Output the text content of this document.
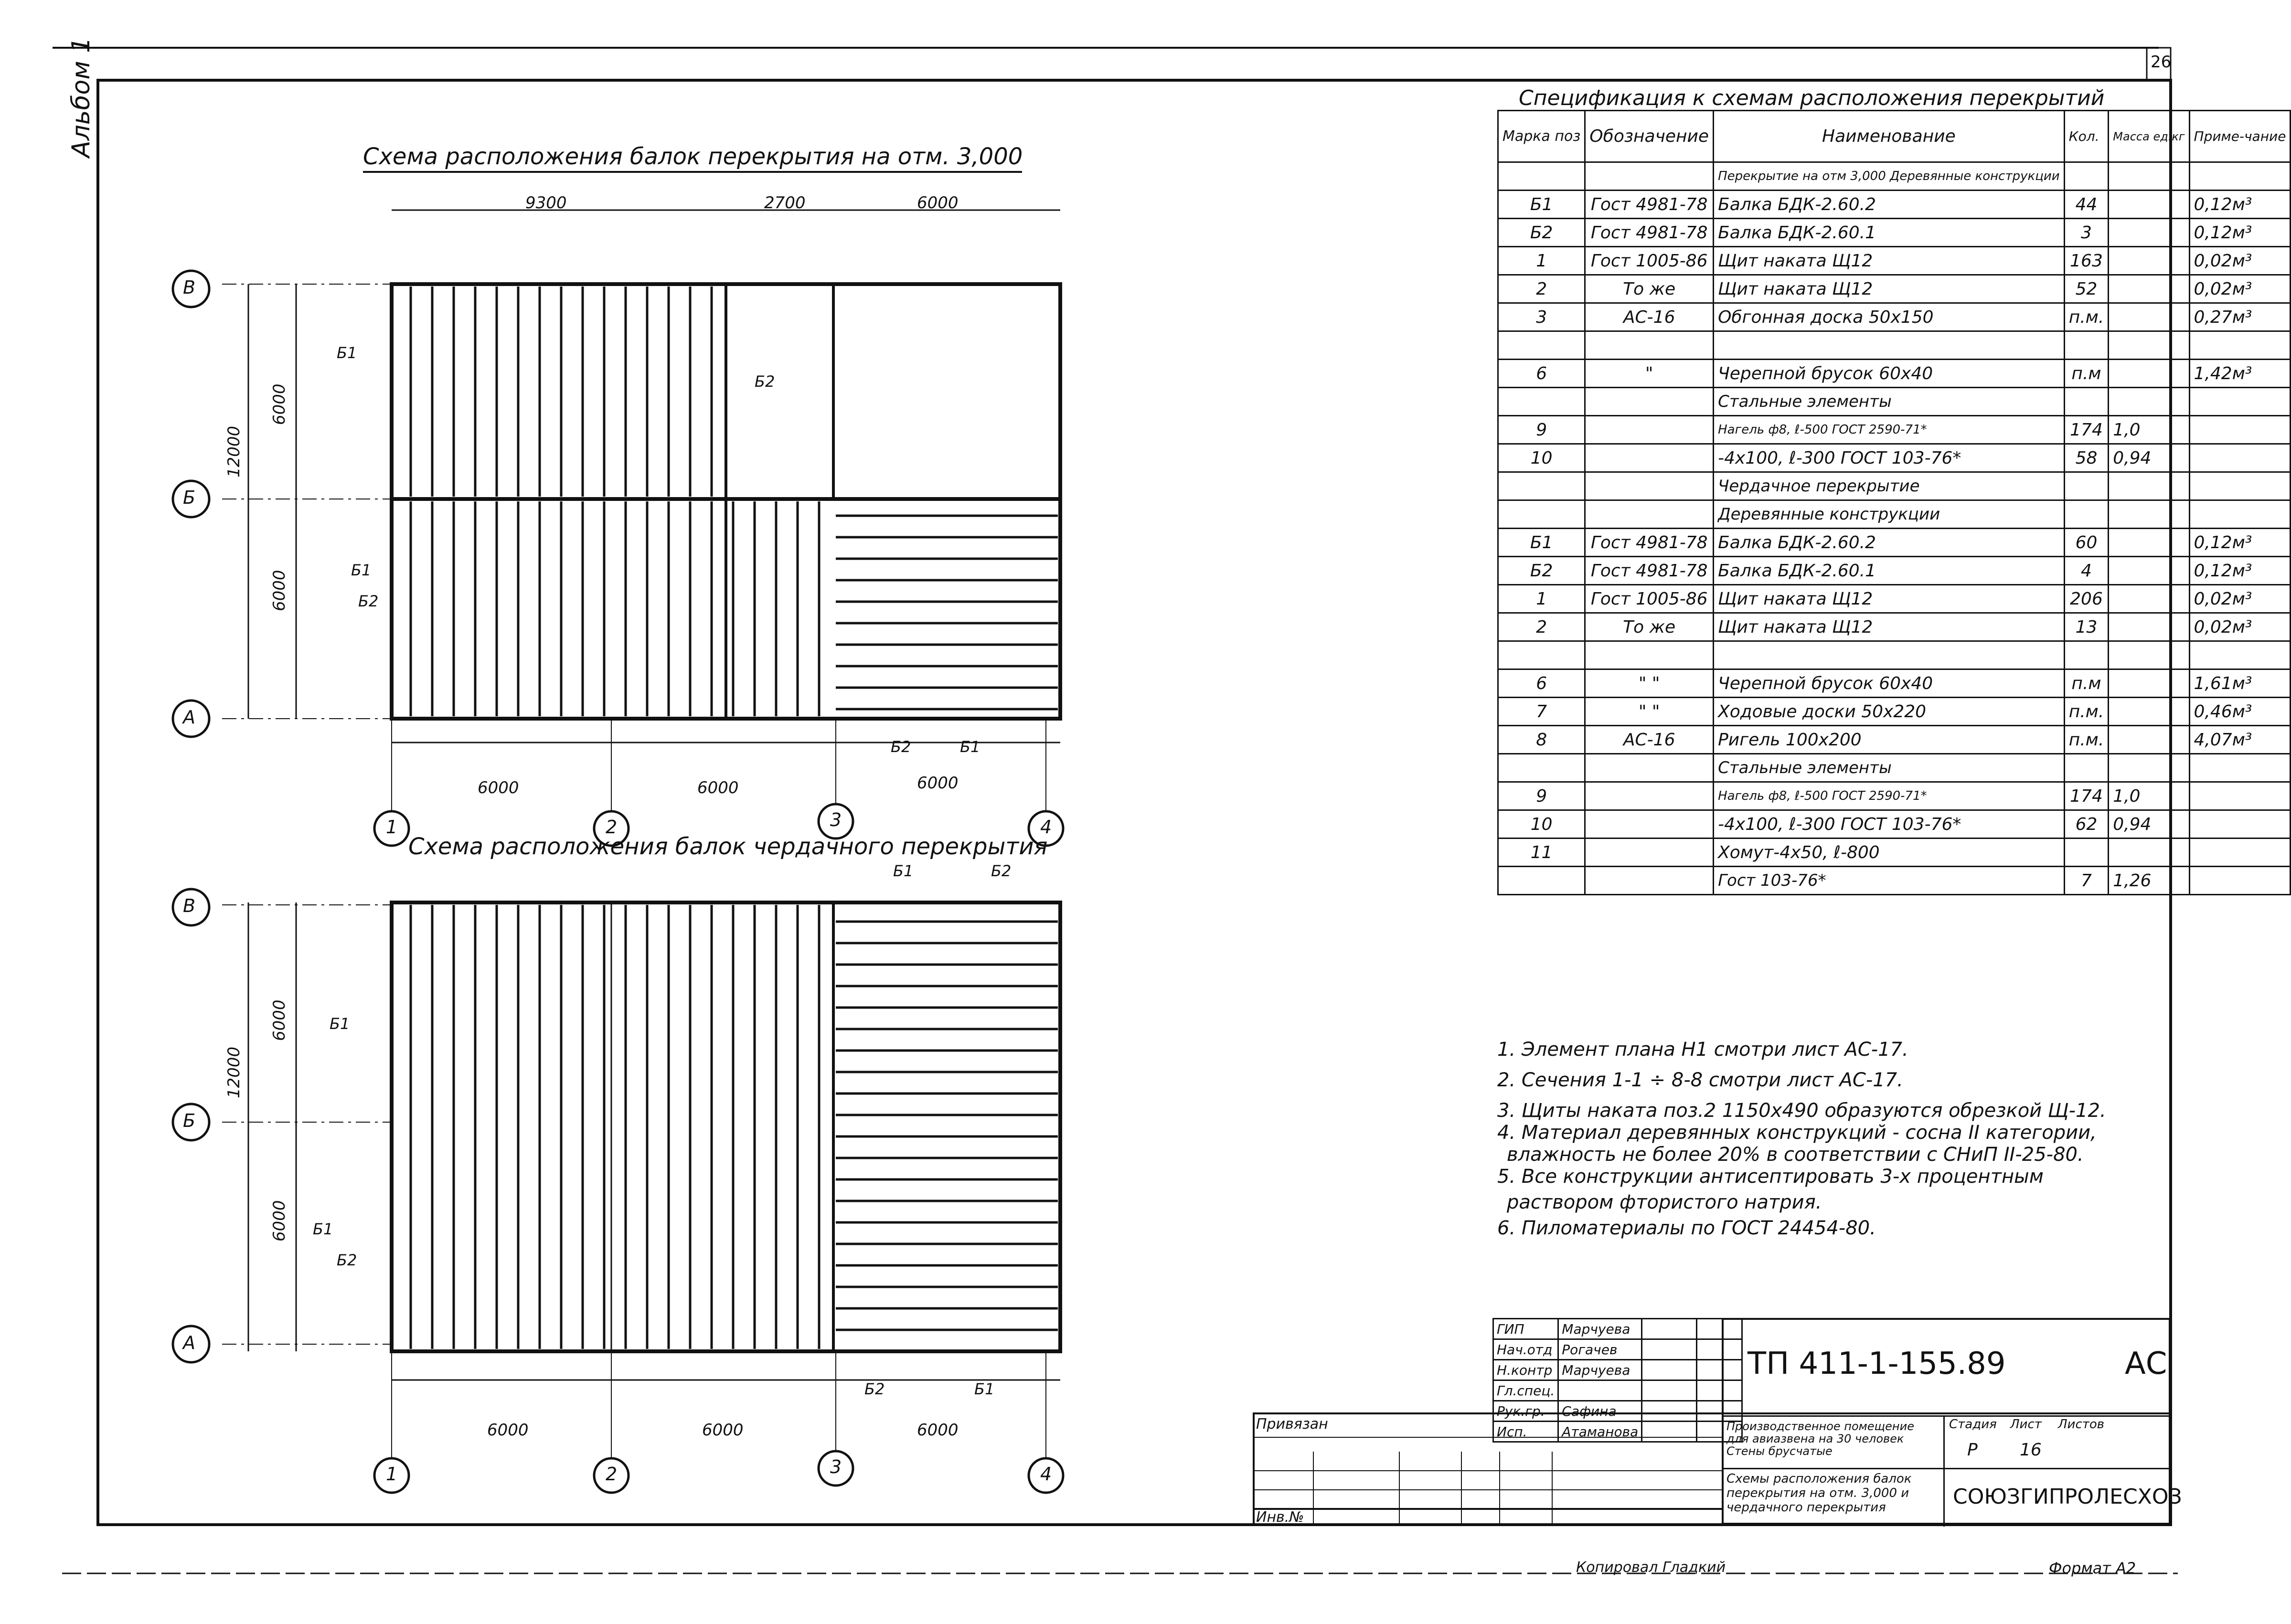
26
Альбом 1	Схема расположения балок перекрытия на отм. 3,000
Схема расположения балок чердачного перекрытия
9300	2700	6000
6000	6000	6000
12000
6000
6000
В
Б
А
1	2	3	4
Б1
Б2
Б1
Б1
Б2
Б2
6000	6000	6000
12000
6000
6000
В
Б
А
1	2	3	4
Б1
Б2
Б1
Б1	Б2
Б2	Б1
Спецификация к схемам расположения перекрытий
Марка поз	Обозначение	Наименование	Кол.	Масса ед.кг	Приме-чание
		Перекрытие на отм 3,000 Деревянные конструкции			
Б1	Гост 4981-78	Балка БДК-2.60.2	44		0,12м³
Б2	Гост 4981-78	Балка БДК-2.60.1	3		0,12м³
1	Гост 1005-86	Щит наката Щ12	163		0,02м³
2	То же	Щит наката Щ12	52		0,02м³
3	АС-16	Обгонная доска 50х150	п.м.		0,27м³

6	"	Черепной брусок 60х40	п.м		1,42м³
		Стальные элементы			
9		Нагель ф8, ℓ-500 ГОСТ 2590-71*	174	1,0	
10		-4х100, ℓ-300 ГОСТ 103-76*	58	0,94	
		Чердачное перекрытие			
		Деревянные конструкции			
Б1	Гост 4981-78	Балка БДК-2.60.2	60		0,12м³
Б2	Гост 4981-78	Балка БДК-2.60.1	4		0,12м³
1	Гост 1005-86	Щит наката Щ12	206		0,02м³
2	То же	Щит наката Щ12	13		0,02м³

6	" "	Черепной брусок 60х40	п.м		1,61м³
7	" "	Ходовые доски 50х220	п.м.		0,46м³
8	АС-16	Ригель 100х200	п.м.		4,07м³
		Стальные элементы			
9		Нагель ф8, ℓ-500 ГОСТ 2590-71*	174	1,0	
10		-4х100, ℓ-300 ГОСТ 103-76*	62	0,94	
11		Хомут-4х50, ℓ-800			
		Гост 103-76*	7	1,26	
1. Элемент плана Н1 смотри лист АС-17.
2. Сечения 1-1 ÷ 8-8 смотри лист АС-17.
3. Щиты наката поз.2 1150х490 образуются обрезкой Щ-12.
4. Материал деревянных конструкций - сосна II категории,
влажность не более 20% в соответствии с СНиП II-25-80.
5. Все конструкции антисептировать 3-х процентным
раствором фтористого натрия.
6. Пиломатериалы по ГОСТ 24454-80.
ГИП	Марчуева		
Нач.отд	Рогачев		
Н.контр	Марчуева		
Гл.спец.			
Рук.гр.	Сафина		
Исп.	Атаманова		
ТП 411-1-155.89	АС
Производственное помещение для авиазвена на 30 человек Стены брусчатые
Схемы расположения балок перекрытия на отм. 3,000 и чердачного перекрытия
Стадия Лист Листов
Р 16
СОЮЗГИПРОЛЕСХОЗ
Привязан
Инв.№
Копировал Гладкий	Формат А2
